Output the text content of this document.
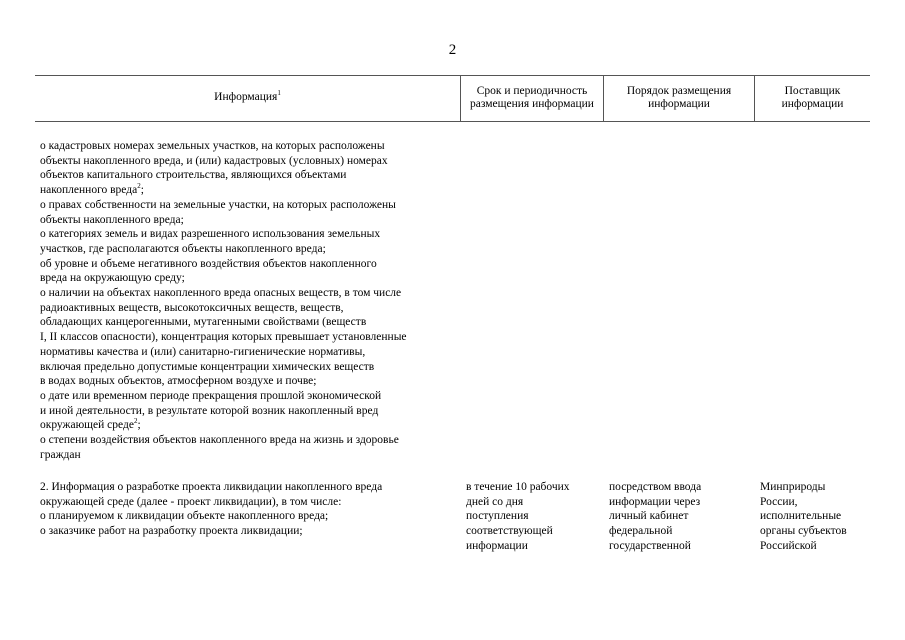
2
Информация$^1$	Срок и периодичность размещения информации
Порядок размещения информации
Поставщик информации
о кадастровых номерах земельных участков, на которых расположены
объекты накопленного вреда, и (или) кадастровых (условных) номерах
объектов капитального строительства, являющихся объектами
накопленного вреда$^2$;
о правах собственности на земельные участки, на которых расположены
объекты накопленного вреда;
о категориях земель и видах разрешенного использования земельных
участков, где располагаются объекты накопленного вреда;
об уровне и объеме негативного воздействия объектов накопленного
вреда на окружающую среду;
о наличии на объектах накопленного вреда опасных веществ, в том числе
радиоактивных веществ, высокотоксичных веществ, веществ,
обладающих канцерогенными, мутагенными свойствами (веществ
I, II классов опасности), концентрация которых превышает установленные
нормативы качества и (или) санитарно-гигиенические нормативы,
включая предельно допустимые концентрации химических веществ
в водах водных объектов, атмосферном воздухе и почве;
о дате или временном периоде прекращения прошлой экономической
и иной деятельности, в результате которой возник накопленный вред
окружающей среде$^2$;
о степени воздействия объектов накопленного вреда на жизнь и здоровье
граждан
2. Информация о разработке проекта ликвидации накопленного вреда
окружающей среде (далее - проект ликвидации), в том числе:
о планируемом к ликвидации объекте накопленного вреда;
о заказчике работ на разработку проекта ликвидации;
в течение 10 рабочих
дней со дня
поступления
соответствующей
информации
посредством ввода
информации через
личный кабинет
федеральной
государственной
Минприроды
России,
исполнительные
органы субъектов
Российской
